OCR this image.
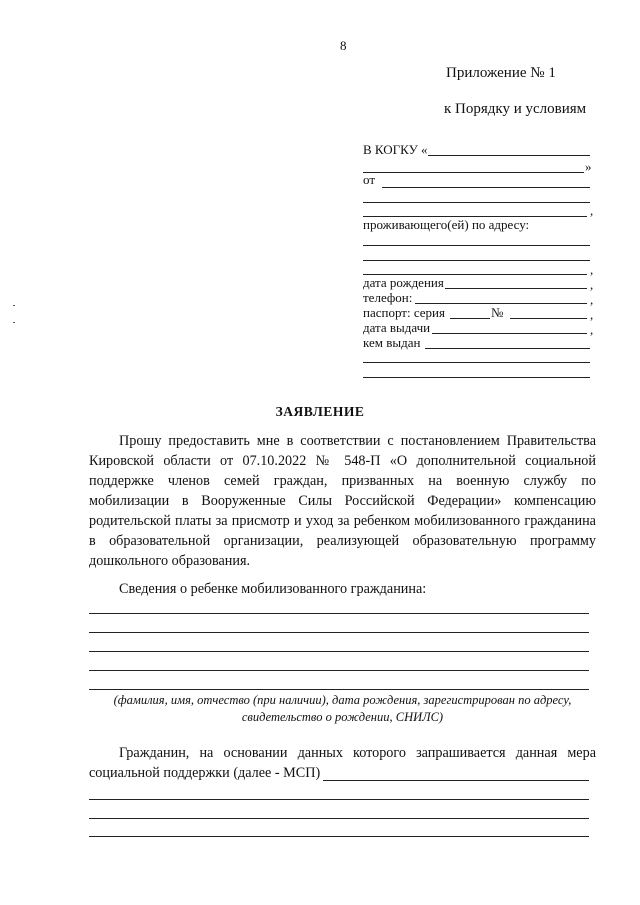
8
Приложение № 1
к Порядку и условиям
В КОГКУ «
»
от
,
проживающего(ей) по адресу:
,
дата рождения	,
телефон:	,
паспорт: серия	№	,
дата выдачи	,
кем выдан
ЗАЯВЛЕНИЕ
Прошу предоставить мне в соответствии с постановлением Правительства
Кировской области от 07.10.2022 № 548-П «О дополнительной социальной
поддержке членов семей граждан, призванных на военную службу по
мобилизации в Вооруженные Силы Российской Федерации» компенсацию
родительской платы за присмотр и уход за ребенком мобилизованного гражданина
в образовательной организации, реализующей образовательную программу
дошкольного образования.
Сведения о ребенке мобилизованного гражданина:
(фамилия, имя, отчество (при наличии), дата рождения, зарегистрирован по адресу,
свидетельство о рождении, СНИЛС)
Гражданин, на основании данных которого запрашивается данная мера
социальной поддержки (далее - МСП)
